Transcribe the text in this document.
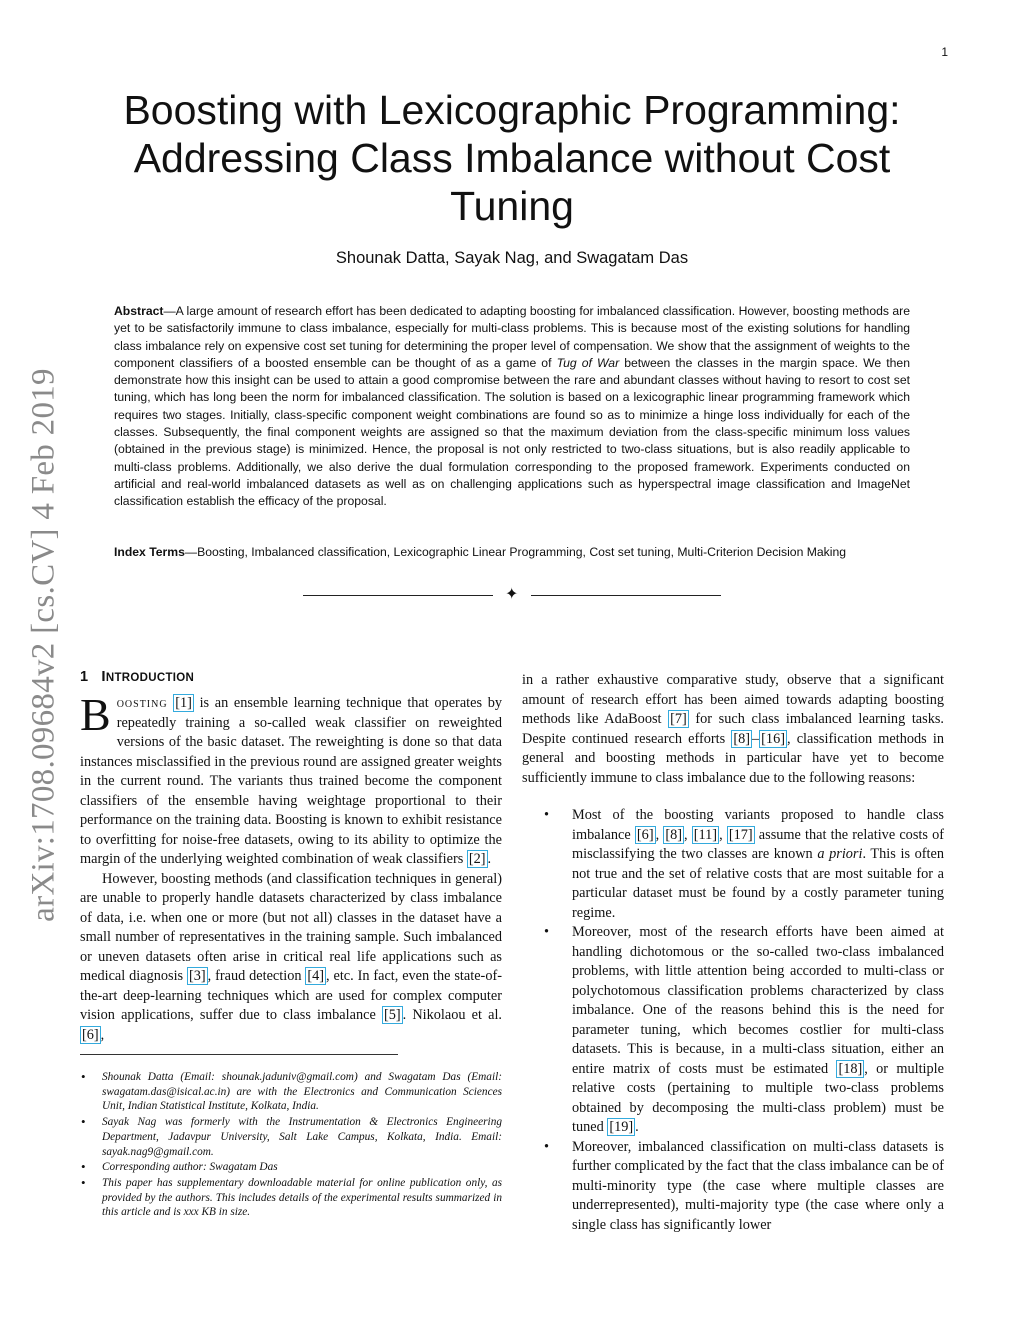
1
arXiv:1708.09684v2 [cs.CV] 4 Feb 2019
Boosting with Lexicographic Programming: Addressing Class Imbalance without Cost Tuning
Shounak Datta, Sayak Nag, and Swagatam Das

Abstract—A large amount of research effort has been dedicated to adapting boosting for imbalanced classification. However, boosting methods are yet to be satisfactorily immune to class imbalance, especially for multi-class problems. This is because most of the existing solutions for handling class imbalance rely on expensive cost set tuning for determining the proper level of compensation. We show that the assignment of weights to the component classifiers of a boosted ensemble can be thought of as a game of Tug of War between the classes in the margin space. We then demonstrate how this insight can be used to attain a good compromise between the rare and abundant classes without having to resort to cost set tuning, which has long been the norm for imbalanced classification. The solution is based on a lexicographic linear programming framework which requires two stages. Initially, class-specific component weight combinations are found so as to minimize a hinge loss individually for each of the classes. Subsequently, the final component weights are assigned so that the maximum deviation from the class-specific minimum loss values (obtained in the previous stage) is minimized. Hence, the proposal is not only restricted to two-class situations, but is also readily applicable to multi-class problems. Additionally, we also derive the dual formulation corresponding to the proposed framework. Experiments conducted on artificial and real-world imbalanced datasets as well as on challenging applications such as hyperspectral image classification and ImageNet classification establish the efficacy of the proposal.

Index Terms—Boosting, Imbalanced classification, Lexicographic Linear Programming, Cost set tuning, Multi-Criterion Decision Making

✦
1 INTRODUCTION

Boosting [1] is an ensemble learning technique that operates by repeatedly training a so-called weak classifier on reweighted versions of the basic dataset. The reweighting is done so that data instances misclassified in the previous round are assigned greater weights in the current round. The variants thus trained become the component classifiers of the ensemble having weightage proportional to their performance on the training data. Boosting is known to exhibit resistance to overfitting for noise-free datasets, owing to its ability to optimize the margin of the underlying weighted combination of weak classifiers [2] .

However, boosting methods (and classification techniques in general) are unable to properly handle datasets characterized by class imbalance of data, i.e. when one or more (but not all) classes in the dataset have a small number of representatives in the training sample. Such imbalanced or uneven datasets often arise in critical real life applications such as medical diagnosis [3] , fraud detection [4] , etc. In fact, even the state-of-the-art deep-learning techniques which are used for complex computer vision applications, suffer due to class imbalance [5] . Nikolaou et al. [6] ,

• Shounak Datta (Email: shounak.jaduniv@gmail.com) and Swagatam Das (Email: swagatam.das@isical.ac.in) are with the Electronics and Communication Sciences Unit, Indian Statistical Institute, Kolkata, India.
• Sayak Nag was formerly with the Instrumentation & Electronics Engineering Department, Jadavpur University, Salt Lake Campus, Kolkata, India. Email: sayak.nag9@gmail.com.
• Corresponding author: Swagatam Das
• This paper has supplementary downloadable material for online publication only, as provided by the authors. This includes details of the experimental results summarized in this article and is xxx KB in size.

in a rather exhaustive comparative study, observe that a significant amount of research effort has been aimed towards adapting boosting methods like AdaBoost [7] for such class imbalanced learning tasks. Despite continued research efforts [8] – [16] , classification methods in general and boosting methods in particular have yet to become sufficiently immune to class imbalance due to the following reasons:

• Most of the boosting variants proposed to handle class imbalance [6] , [8] , [11] , [17] assume that the relative costs of misclassifying the two classes are known a priori. This is often not true and the set of relative costs that are most suitable for a particular dataset must be found by a costly parameter tuning regime.
• Moreover, most of the research efforts have been aimed at handling dichotomous or the so-called two-class imbalanced problems, with little attention being accorded to multi-class or polychotomous classification problems characterized by class imbalance. One of the reasons behind this is the need for parameter tuning, which becomes costlier for multi-class datasets. This is because, in a multi-class situation, either an entire matrix of costs must be estimated [18] , or multiple relative costs (pertaining to multiple two-class problems obtained by decomposing the multi-class problem) must be tuned [19] .
• Moreover, imbalanced classification on multi-class datasets is further complicated by the fact that the class imbalance can be of multi-minority type (the case where multiple classes are underrepresented), multi-majority type (the case where only a single class has significantly lower
